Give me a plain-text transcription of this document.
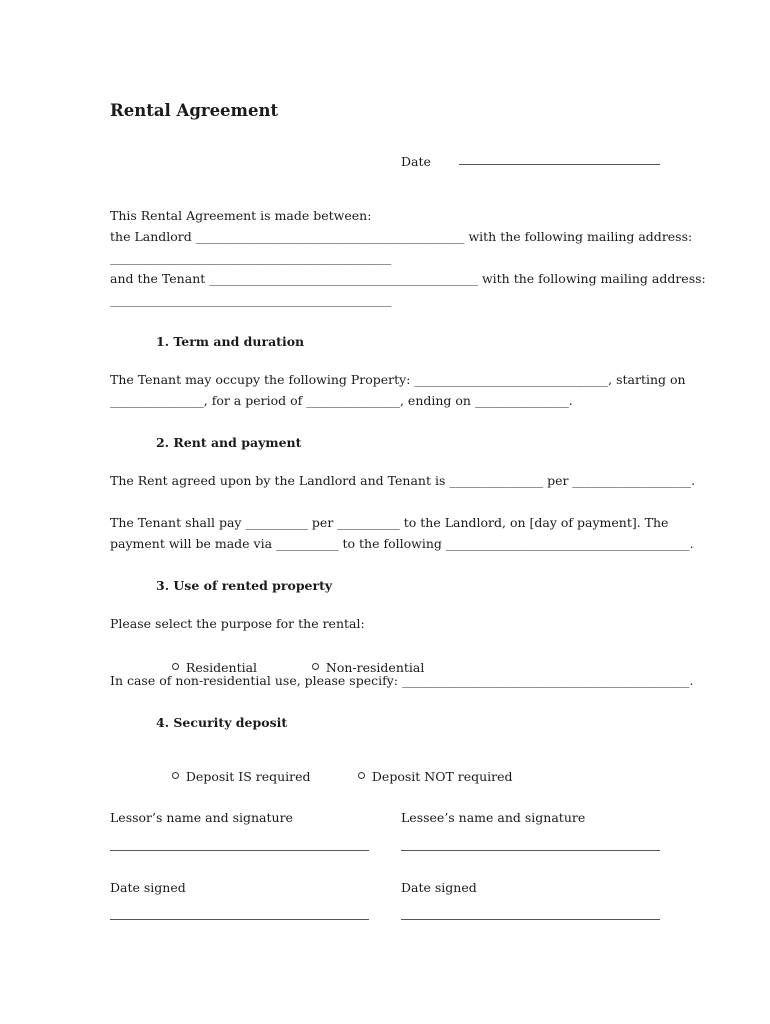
Rental Agreement
Date
This Rental Agreement is made between:
the Landlord ___________________________________________ with the following mailing address:
_____________________________________________
and the Tenant ___________________________________________ with the following mailing address:
_____________________________________________
1. Term and duration
The Tenant may occupy the following Property: _______________________________, starting on
_______________, for a period of _______________, ending on _______________.
2. Rent and payment
The Rent agreed upon by the Landlord and Tenant is _______________ per ___________________.
The Tenant shall pay __________ per __________ to the Landlord, on [day of payment]. The
payment will be made via __________ to the following _______________________________________.
3. Use of rented property
Please select the purpose for the rental:

Residential
	Non-residential

In case of non-residential use, please specify: ______________________________________________.
4. Security deposit

Deposit IS required
	Deposit NOT required

Lessor’s name and signature	Lessee’s name and signature
Date signed	Date signed
